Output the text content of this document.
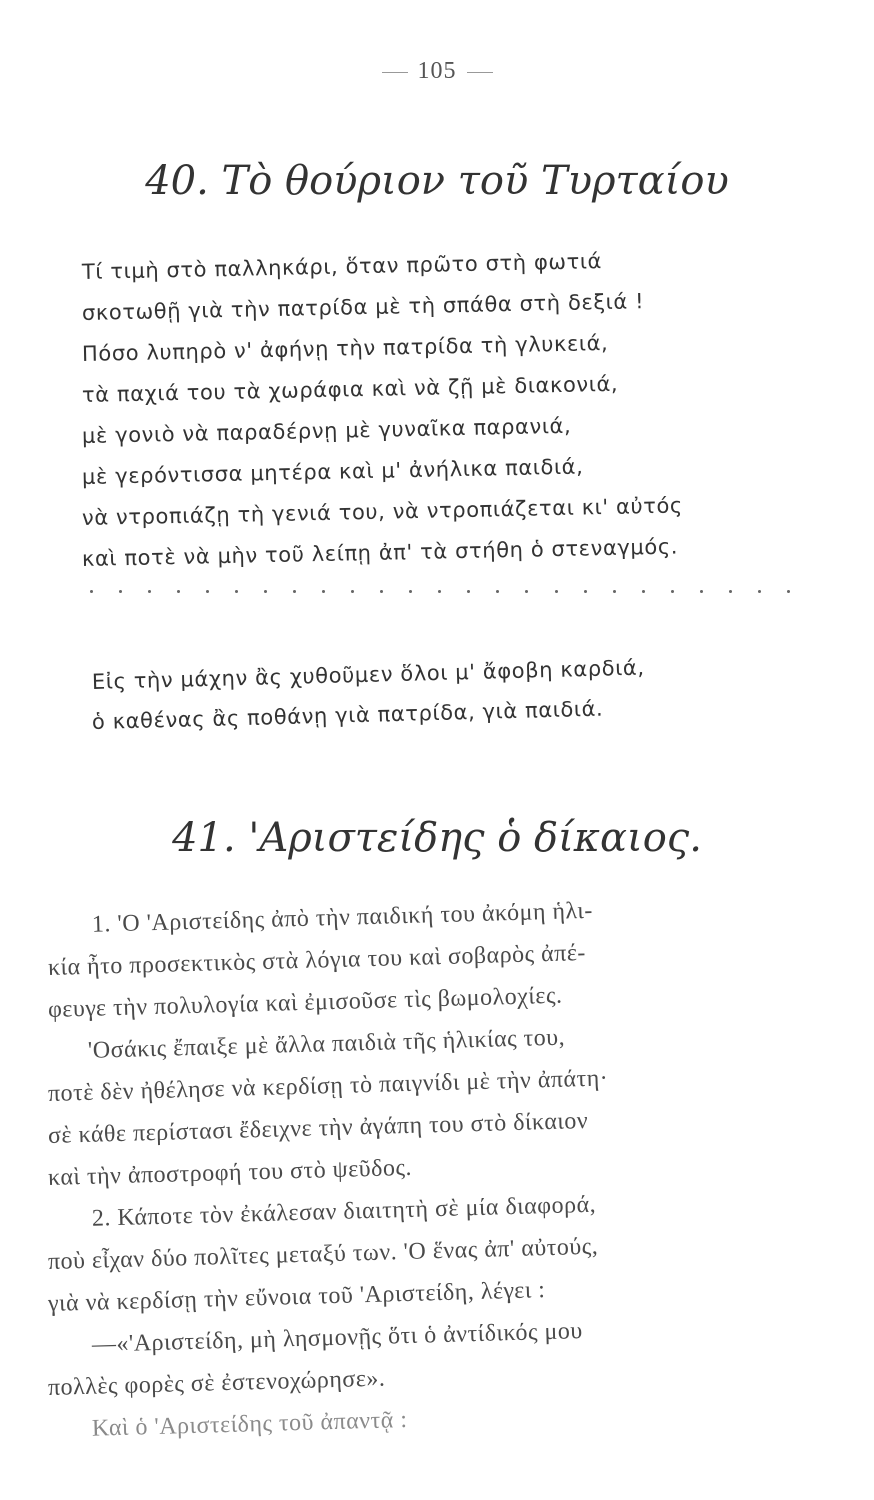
105
40. Τὸ θούριον τοῦ Τυρταίου
Τί τιμὴ στὸ παλληκάρι, ὅταν πρῶτο στὴ φωτιά
σκοτωθῇ γιὰ τὴν πατρίδα μὲ τὴ σπάθα στὴ δεξιά !
Πόσο λυπηρὸ ν' ἀφήνῃ τὴν πατρίδα τὴ γλυκειά,
τὰ παχιά του τὰ χωράφια καὶ νὰ ζῇ μὲ διακονιά,
μὲ γονιὸ νὰ παραδέρνῃ μὲ γυναῖκα παρανιά,
μὲ γερόντισσα μητέρα καὶ μ' ἀνήλικα παιδιά,
νὰ ντροπιάζῃ τὴ γενιά του, νὰ ντροπιάζεται κι' αὐτός
καὶ ποτὲ νὰ μὴν τοῦ λείπῃ ἀπ' τὰ στήθη ὁ στεναγμός.
Εἰς τὴν μάχην ἂς χυθοῦμεν ὅλοι μ' ἄφοβη καρδιά,
ὁ καθένας ἂς ποθάνῃ γιὰ πατρίδα, γιὰ παιδιά.
41. 'Αριστείδης ὁ δίκαιος.
1. 'Ο 'Αριστείδης ἀπὸ τὴν παιδική του ἀκόμη ἡλι-
κία ἦτο προσεκτικὸς στὰ λόγια του καὶ σοβαρὸς ἀπέ-
φευγε τὴν πολυλογία καὶ ἐμισοῦσε τὶς βωμολοχίες.
'Οσάκις ἔπαιξε μὲ ἄλλα παιδιὰ τῆς ἡλικίας του,
ποτὲ δὲν ἠθέλησε νὰ κερδίσῃ τὸ παιγνίδι μὲ τὴν ἀπάτη·
σὲ κάθε περίστασι ἔδειχνε τὴν ἀγάπη του στὸ δίκαιον
καὶ τὴν ἀποστροφή του στὸ ψεῦδος.
2. Κάποτε τὸν ἐκάλεσαν διαιτητὴ σὲ μία διαφορά,
ποὺ εἶχαν δύο πολῖτες μεταξύ των. 'Ο ἕνας ἀπ' αὐτούς,
γιὰ νὰ κερδίσῃ τὴν εὔνοια τοῦ 'Αριστείδη, λέγει :
—«'Αριστείδη, μὴ λησμονῇς ὅτι ὁ ἀντίδικός μου
πολλὲς φορὲς σὲ ἐστενοχώρησε».
Καὶ ὁ 'Αριστείδης τοῦ ἀπαντᾷ :
